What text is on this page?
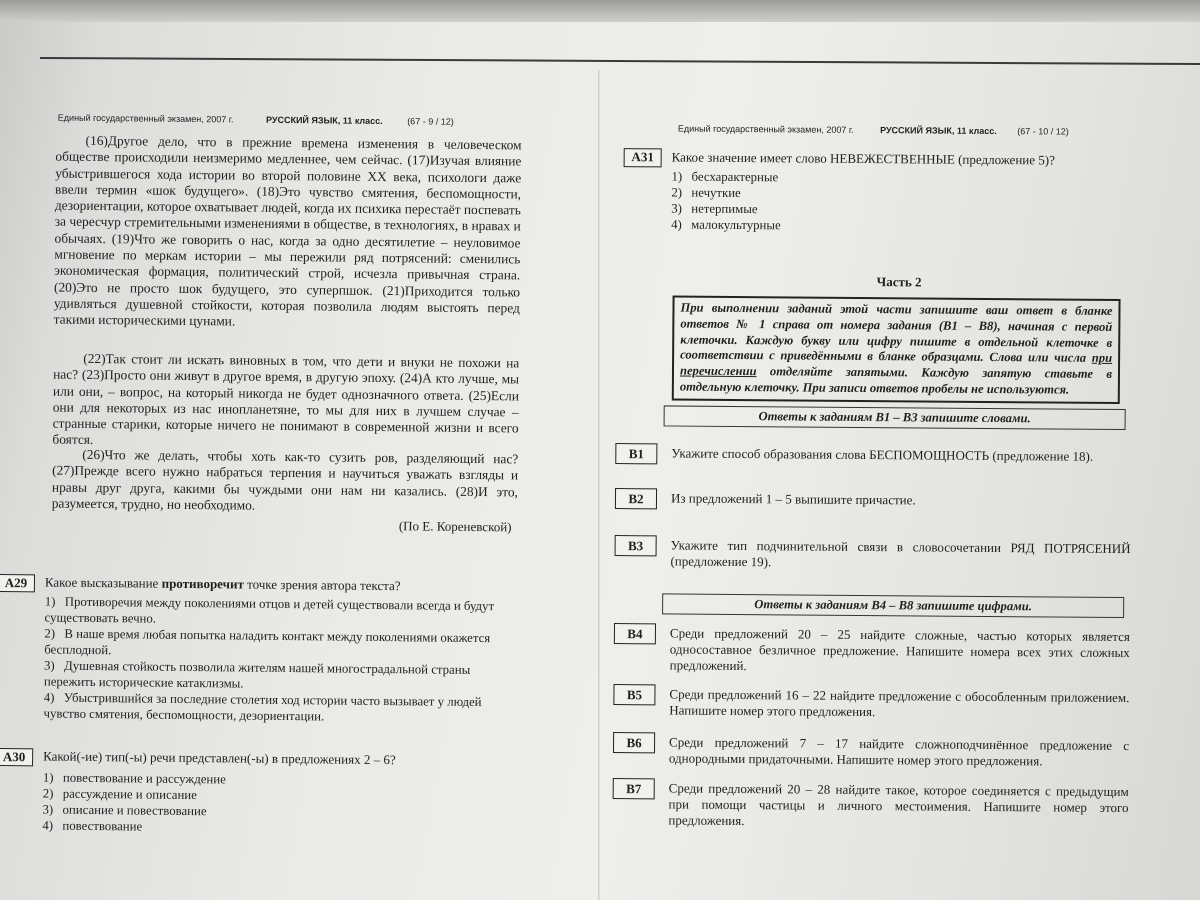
Единый государственный экзамен, 2007 г.	РУССКИЙ ЯЗЫК, 11 класс.	(67 - 9 / 12)

(16)Другое дело, что в прежние времена изменения в человеческом обществе происходили неизмеримо медленнее, чем сейчас. (17)Изучая влияние убыстрившегося хода истории во второй половине XX века, психологи даже ввели термин «шок будущего». (18)Это чувство смятения, беспомощности, дезориентации, которое охватывает людей, когда их психика перестаёт поспевать за чересчур стремительными изменениями в обществе, в технологиях, в нравах и обычаях. (19)Что же говорить о нас, когда за одно десятилетие – неуловимое мгновение по меркам истории – мы пережили ряд потрясений: сменились экономическая формация, политический строй, исчезла привычная страна. (20)Это не просто шок будущего, это суперпшок. (21)Приходится только удивляться душевной стойкости, которая позволила людям выстоять перед такими историческими цунами.

(22)Так стоит ли искать виновных в том, что дети и внуки не похожи на нас? (23)Просто они живут в другое время, в другую эпоху. (24)А кто лучше, мы или они, – вопрос, на который никогда не будет однозначного ответа. (25)Если они для некоторых из нас инопланетяне, то мы для них в лучшем случае – странные старики, которые ничего не понимают в современной жизни и всего боятся.

(26)Что же делать, чтобы хоть как-то сузить ров, разделяющий нас? (27)Прежде всего нужно набраться терпения и научиться уважать взгляды и нравы друг друга, какими бы чуждыми они нам ни казались. (28)И это, разумеется, трудно, но необходимо.

(По Е. Кореневской)
А29	Какое высказывание противоречит точке зрения автора текста?

1) Противоречия между поколениями отцов и детей существовали всегда и будут существовать вечно.

2) В наше время любая попытка наладить контакт между поколениями окажется бесплодной.

3) Душевная стойкость позволила жителям нашей многострадальной страны пережить исторические катаклизмы.

4) Убыстрившийся за последние столетия ход истории часто вызывает у людей чувство смятения, беспомощности, дезориентации.

А30	Какой(-ие) тип(-ы) речи представлен(-ы) в предложениях 2 – 6?

1) повествование и рассуждение

2) рассуждение и описание

3) описание и повествование

4) повествование

Единый государственный экзамен, 2007 г.	РУССКИЙ ЯЗЫК, 11 класс. (67 - 10 / 12)
А31	Какое значение имеет слово НЕВЕЖЕСТВЕННЫЕ (предложение 5)?

1) бесхарактерные

2) нечуткие

3) нетерпимые

4) малокультурные

Часть 2
При выполнении заданий этой части запишите ваш ответ в бланке ответов № 1 справа от номера задания (В1 – В8), начиная с первой клеточки. Каждую букву или цифру пишите в отдельной клеточке в соответствии с приведёнными в бланке образцами. Слова или числа при перечислении отделяйте запятыми. Каждую запятую ставьте в отдельную клеточку. При записи ответов пробелы не используются.
Ответы к заданиям В1 – В3 запишите словами.
В1	Укажите способ образования слова БЕСПОМОЩНОСТЬ (предложение 18).

В2	Из предложений 1 – 5 выпишите причастие.

В3	Укажите тип подчинительной связи в словосочетании РЯД ПОТРЯСЕНИЙ (предложение 19).

Ответы к заданиям В4 – В8 запишите цифрами.
В4	Среди предложений 20 – 25 найдите сложные, частью которых является односоставное безличное предложение. Напишите номера всех этих сложных предложений.

В5	Среди предложений 16 – 22 найдите предложение с обособленным приложением. Напишите номер этого предложения.

В6	Среди предложений 7 – 17 найдите сложноподчинённое предложение с однородными придаточными. Напишите номер этого предложения.

В7	Среди предложений 20 – 28 найдите такое, которое соединяется с предыдущим при помощи частицы и личного местоимения. Напишите номер этого предложения.
